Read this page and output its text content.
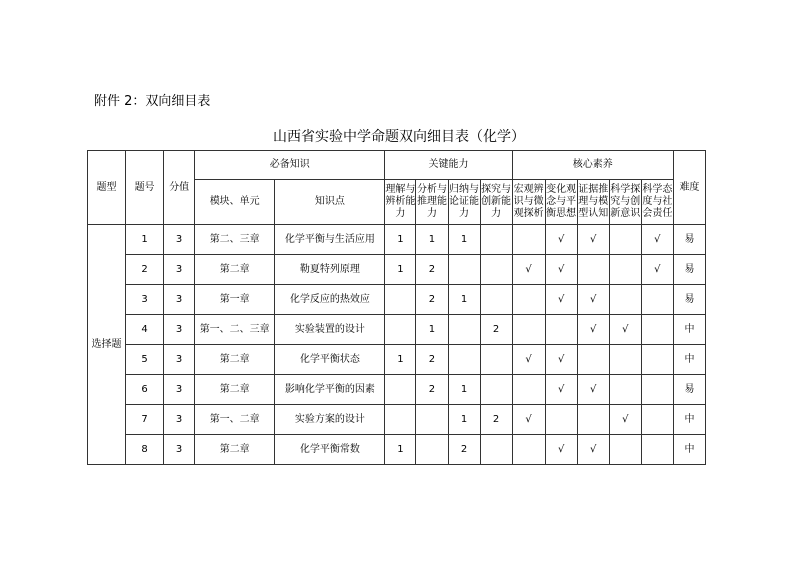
附件 2：双向细目表
山西省实验中学命题双向细目表（化学）
题型	题号	分值	必备知识		关键能力				核心素养					难度
			模块、单元	知识点	理解与辨析能力	分析与推理能力	归纳与论证能力	探究与创新能力	宏观辨识与微观探析	变化观念与平衡思想	证据推理与模型认知	科学探究与创新意识	科学态度与社会责任	
选择题	1	3	第二、三章	化学平衡与生活应用	1	1	1			√	√		√	易
	2	3	第二章	勒夏特列原理	1	2			√	√			√	易
	3	3	第一章	化学反应的热效应		2	1			√	√			易
	4	3	第一、二、三章	实验装置的设计		1		2			√	√		中
	5	3	第二章	化学平衡状态	1	2			√	√				中
	6	3	第二章	影响化学平衡的因素		2	1			√	√			易
	7	3	第一、二章	实验方案的设计			1	2	√			√		中
	8	3	第二章	化学平衡常数	1		2			√	√			中
